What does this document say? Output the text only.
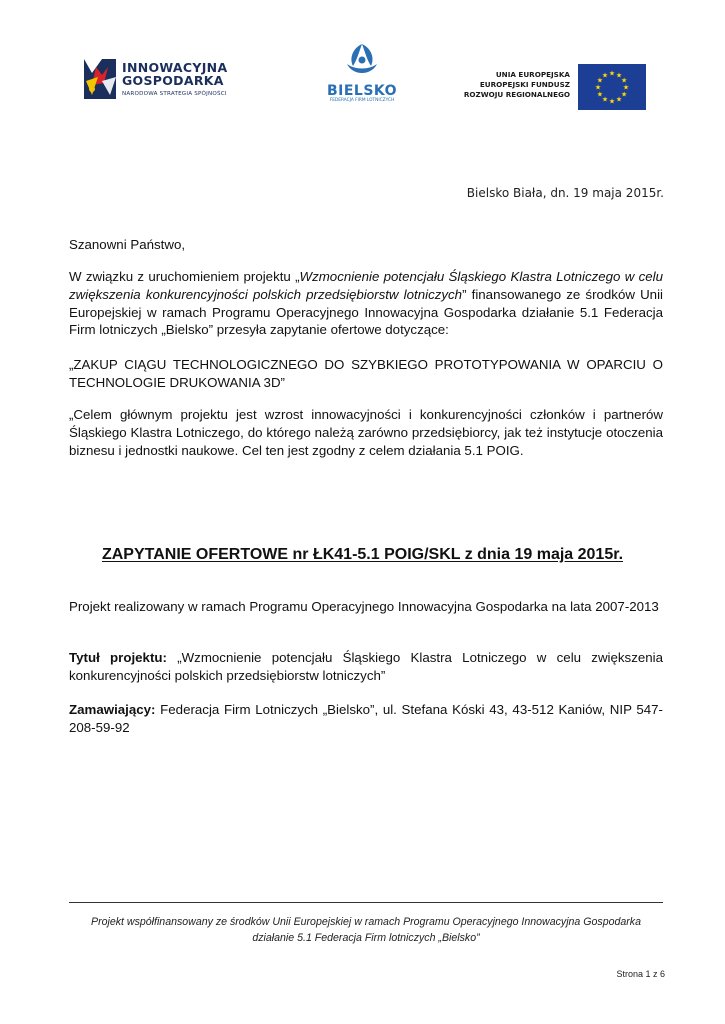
INNOWACYJNA
GOSPODARKA
NARODOWA STRATEGIA SPÓJNOŚCI	BIELSKO
FEDERACJA FIRM LOTNICZYCH
UNIA EUROPEJSKA
EUROPEJSKI FUNDUSZ
ROZWOJU REGIONALNEGO
★ ★
★
★
★
★
★
★
★
★
★
★
Bielsko Biała, dn. 19 maja 2015r.
Szanowni Państwo,
W związku z uruchomieniem projektu „Wzmocnienie potencjału Śląskiego Klastra Lotniczego w celu zwiększenia konkurencyjności polskich przedsiębiorstw lotniczych” finansowanego ze środków Unii Europejskiej w ramach Programu Operacyjnego Innowacyjna Gospodarka działanie 5.1 Federacja Firm lotniczych „Bielsko” przesyła zapytanie ofertowe dotyczące:
„ZAKUP CIĄGU TECHNOLOGICZNEGO DO SZYBKIEGO PROTOTYPOWANIA W OPARCIU O TECHNOLOGIE DRUKOWANIA 3D”
„Celem głównym projektu jest wzrost innowacyjności i konkurencyjności członków i partnerów Śląskiego Klastra Lotniczego, do którego należą zarówno przedsiębiorcy, jak też instytucje otoczenia biznesu i jednostki naukowe. Cel ten jest zgodny z celem działania 5.1 POIG.
ZAPYTANIE OFERTOWE nr ŁK41-5.1 POIG/SKL z dnia 19 maja 2015r.
Projekt realizowany w ramach Programu Operacyjnego Innowacyjna Gospodarka na lata 2007-2013
Tytuł projektu: „Wzmocnienie potencjału Śląskiego Klastra Lotniczego w celu zwiększenia konkurencyjności polskich przedsiębiorstw lotniczych”
Zamawiający: Federacja Firm Lotniczych „Bielsko”, ul. Stefana Kóski 43, 43-512 Kaniów, NIP 547-208-59-92
Projekt współfinansowany ze środków Unii Europejskiej w ramach Programu Operacyjnego Innowacyjna Gospodarka działanie 5.1 Federacja Firm lotniczych „Bielsko”
Strona 1 z 6
